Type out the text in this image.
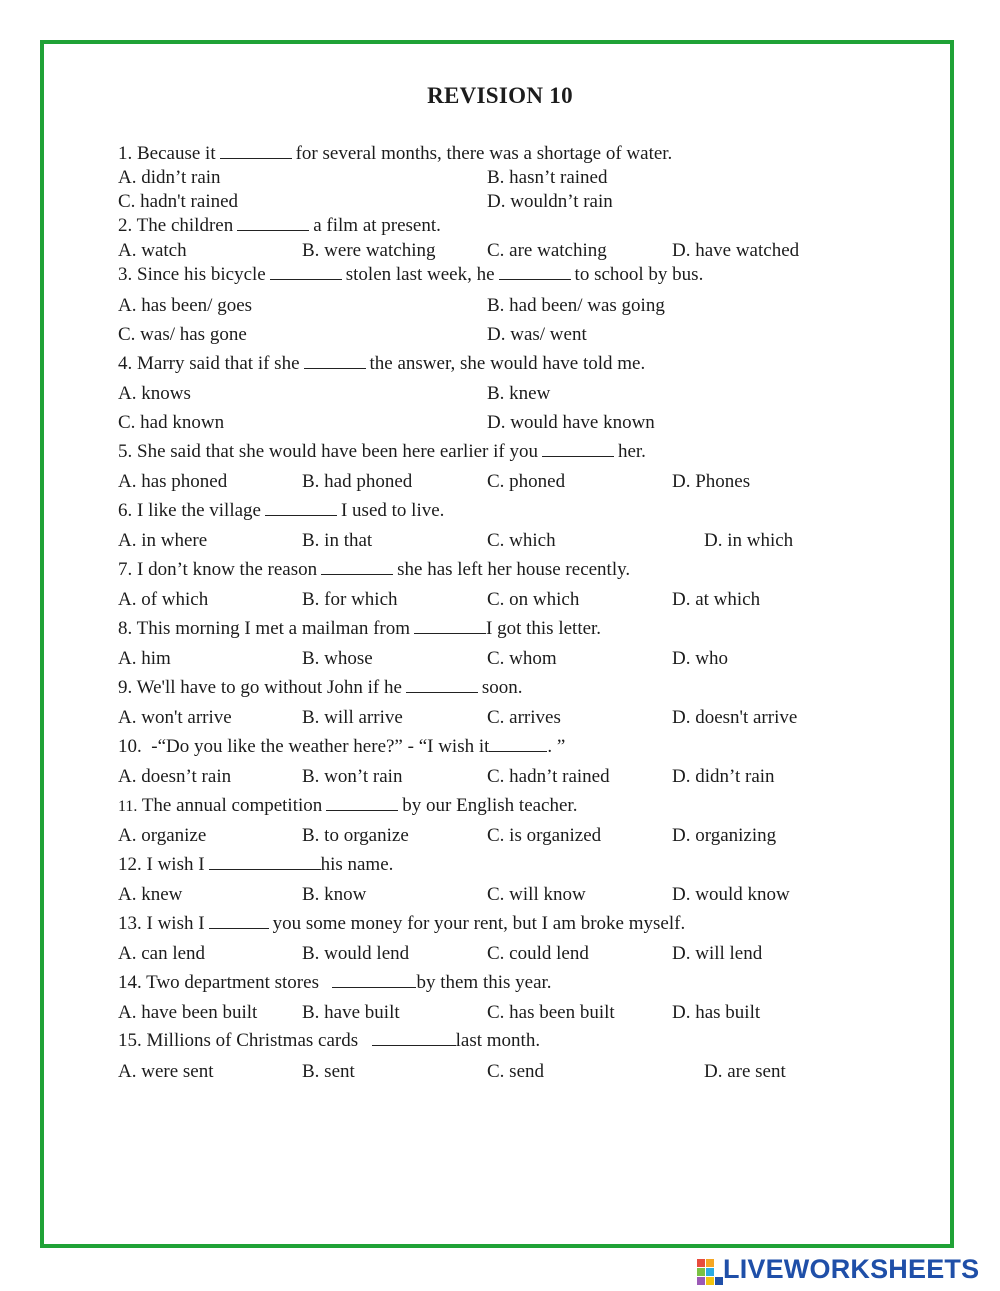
REVISION 10
1. Because it	for several months, there was a shortage of water.
A. didn’t rain	B. hasn’t rained
C. hadn't rained	D. wouldn’t rain
2. The children	a film at present.
A. watch	B. were watching	C. are watching	D. have watched
3. Since his bicycle	stolen last week, he	to school by bus.
A. has been/ goes	B. had been/ was going
C. was/ has gone	D. was/ went
4. Marry said that if she	the answer, she would have told me.
A. knows	B. knew
C. had known	D. would have known
5. She said that she would have been here earlier if you	her.
A. has phoned	B. had phoned	C. phoned	D. Phones
6. I like the village	I used to live.
A. in where	B. in that	C. which	D. in which
7. I don’t know the reason	she has left her house recently.
A. of which	B. for which	C. on which	D. at which
8. This morning I met a mailman from	I got this letter.
A. him	B. whose	C. whom	D. who
9. We'll have to go without John if he	soon.
A. won't arrive	B. will arrive	C. arrives	D. doesn't arrive
10. -“Do you like the weather here?” - “I wish it	. ”
A. doesn’t rain	B. won’t rain	C. hadn’t rained	D. didn’t rain
11. The annual competition	by our English teacher.
A. organize	B. to organize	C. is organized	D. organizing
12. I wish I	his name.
A. knew	B. know	C. will know	D. would know
13. I wish I	you some money for your rent, but I am broke myself.
A. can lend	B. would lend	C. could lend	D. will lend
14. Two department stores	by them this year.
A. have been built B. have built	C. has been built	D. has built
15. Millions of Christmas cards	last month.
A. were sent	B. sent	C. send	D. are sent
LIVEWORKSHEETS
